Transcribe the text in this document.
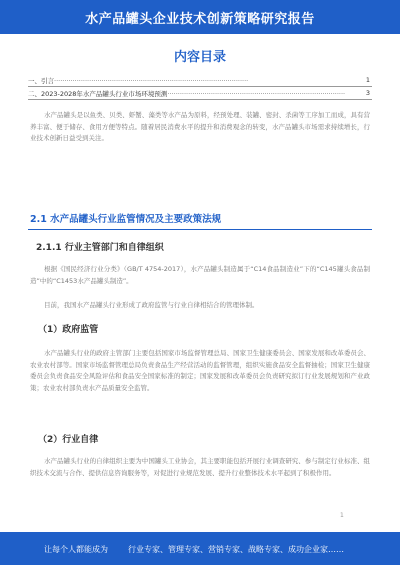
水产品罐头企业技术创新策略研究报告
内容目录
一、引言······························································································	1
二、2023-2028年水产品罐头行业市场环境预测······················································································	3
水产品罐头是以鱼类、贝类、虾蟹、藻类等水产品为原料，经预处理、装罐、密封、杀菌等工序加工而成，具有营养丰富、便于储存、食用方便等特点。随着居民消费水平的提升和消费观念的转变，水产品罐头市场需求持续增长，行业技术创新日益受到关注。
2.1 水产品罐头行业监管情况及主要政策法规
2.1.1 行业主管部门和自律组织
根据《国民经济行业分类》（GB/T 4754-2017），水产品罐头制造属于“C14食品制造业”下的“C145罐头食品制造”中的“C1453水产品罐头制造”。
目前，我国水产品罐头行业形成了政府监管与行业自律相结合的管理体制。
（1）政府监管
水产品罐头行业的政府主管部门主要包括国家市场监督管理总局、国家卫生健康委员会、国家发展和改革委员会、农业农村部等。国家市场监督管理总局负责食品生产经营活动的监督管理，组织实施食品安全监督抽检；国家卫生健康委员会负责食品安全风险评估和食品安全国家标准的制定；国家发展和改革委员会负责研究拟订行业发展规划和产业政策；农业农村部负责水产品质量安全监管。
（2）行业自律
水产品罐头行业的自律组织主要为中国罐头工业协会，其主要职能包括开展行业调查研究、参与制定行业标准、组织技术交流与合作、提供信息咨询服务等，对促进行业规范发展、提升行业整体技术水平起到了积极作用。
1
让每个人都能成为	行业专家、管理专家、营销专家、战略专家、成功企业家……
